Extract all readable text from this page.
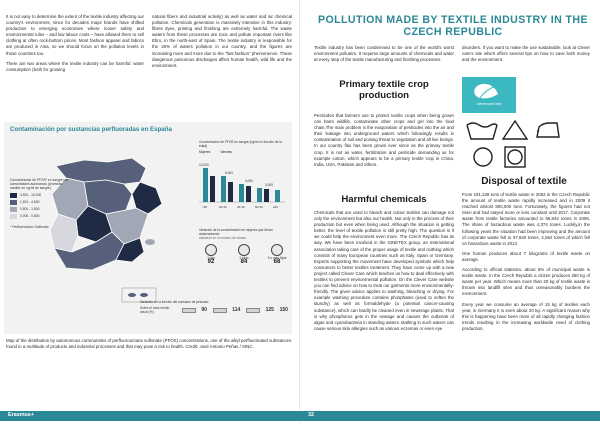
It is not easy to determine the extent of the textile industry affecting our country's environment, since for decades major brands have shifted production to emerging economies where looser safety and environmental rules – and low labour costs – have allowed them to sell clothing at often rock-bottom prices. Most fashion apparel and fabrics are produced in Asia, so we should focus on the pollution levels in those countries too.

There are two areas where the textile industry can be harmful: water consumption (both for growing

natural fibers and industrial activity) as well as water and air chemical pollution. Chemicals generation is massively intensive in this industry: fibres dyes, printing and finishing are extremely harmful. The waste waters from these processes are toxic and pollute important rivers like Ebro, in the north-east of Spain. The textile industry is responsible for the 25% of waters pollution in our country, and the figures are increasing more and more due to the "fast fashion" phenomenon. These dangerous poisonous discharges affect human health, wild life and the environment.

Contaminación por sustancias perfluoradas en España
Concentración de PFOS* en sangre por comunidades autónomas (promedio medial, en ng/ml de sangre)
4,501 - 10,000
1,501 - 4,500
0,801 - 1,500
0,000 - 0,800
* Perfluoroctano Sulfonato
Concentración de PFOS en sangre (ng/ml en función de la edad)
Mujeres	Varones
10,000
6,000
4,000
3,000
<30	30-39	40-49	50-59	≥60
Variación de la concentración en mujeres que llevan amamantando
variación en el número de meses
1 hijo
92
2 hijos
84
3 o más hijos
68
Variación en la función del consumo de pescado
Sobre el valor medio anual (%)	90	114	125 150
Map of the distribution by autonomous communities of perfluorooctane sulfonate (PFOS) concentrations, one of the alkyl perfluorinated substances found in a multitude of products and industrial processes and that may pose a risk to health. Credit: José Antonio Peñas / SINC.
Erasmus+
POLLUTION MADE BY TEXTILE INDUSTRY IN THE CZECH REPUBLIC

Textile industry has been condemned to be one of the world's worst environment polluters. It requires large amounts of chemicals and water at every step of the textile manufacturing and finishing processes.

Primary textile crop production

Pesticides that farmers use to protect textile crops when being grown can harm wildlife, contaminate other crops and get into the food chain.The main problem is the evaporation of pesticides into the air and their leakage into underground waters which followingly results in contamination of soil and poising threat to vegetation and all live beings. In our country flax has been grown ever since as the primary textile crop. It is not as water, fertilization and pesticide demanding as for example cotton, which appears to be a primary textile crop in China, India, USA, Pakistan and others.

Harmful chemicals

Chemicals that are used to bleach and colour textiles can damage not only the environment but also our health. Not only in the process of their production but even when being used. Although the situation is getting better, the level of textile pollution is still pretty high. The question is if we could help the environment even more. The Czech Republic has its way. We have been involved in the GINETEX group, an International association taking care of the proper usage of textile and clothing which consists of many European countries such as Italy, Spain or Germany. Experts supporting the movement have developed symbols which help consumers to better textiles treatment. They have come up with a new project called Clever Care which teaches us how to deal effectively with textiles to prevent environmental pollution. On the Clever Care website you can find advice on how to treat our garments more environmentally-friendly. The given advice applies to washing, bleaching or drying. For example washing procedure contains phosphates (used to soften the laundry) as well as formaldehyde (a potential cancer-causing substance), which can hardly be cleaned even in sewerage plants. That is why phosphorus gets in the sewage and causes the outbreak of algae and cyanobacteria in standing waters. Bathing in such waters can cause serious skin allergies such as various eczemas or even eye

disorders. If you want to make the use sustainable, look at Clever care's site which offers several tips on how to save both money and the environment.

clevercare.info
Disposal of textile

From 191,228 tons of textile waste in 2002 in the Czech Republic the amount of textile waste rapidly increased and in 2009 it reached almost 800,000 tons. Fortunately, the figures had not risen and had stayed more or less constant until 2017. Corporate waste from textile factories amounted to 66,844 tones in 2006. The share of hazardous waste was 4,374 tones. Luckily,in the following years the situation had been improving and the amount of corporate waste fell to 37,840 tones, 2,562 tones of which fell on hazardous waste in 2013.

One human produces about 7 kilograms of textile waste on average.

According to official statistics, about 8% of municipal waste is textile waste. In the Czech Republic a citizen produces 250 kg of waste per year. Which means more than 20 kg of textile waste is thrown into landfill sites and thus unreasonably burdens the environment.

Every year we consume an average of 15 kg of textiles each year, in Germany it is even about 20 kg. A significant reason why this is happening have been more of all rapidly changing fashion trends resulting in the increasing worldwide need of clothing production.

32
